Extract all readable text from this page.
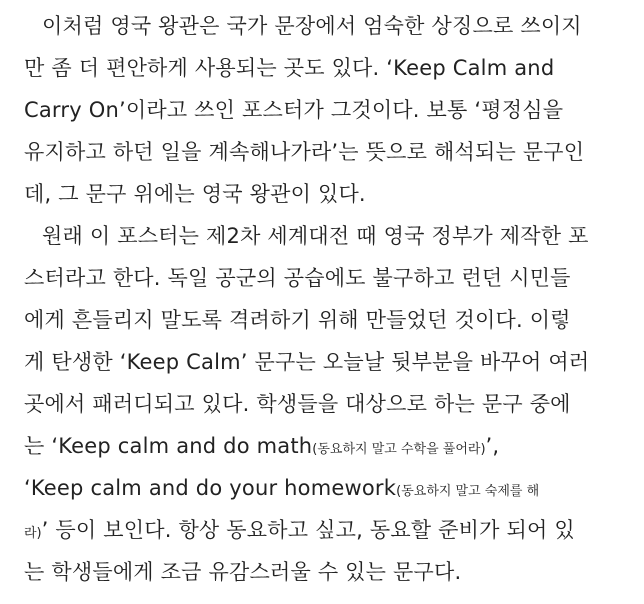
이처럼 영국 왕관은 국가 문장에서 엄숙한 상징으로 쓰이지
만 좀 더 편안하게 사용되는 곳도 있다. ‘Keep Calm and
Carry On’이라고 쓰인 포스터가 그것이다. 보통 ‘평정심을
유지하고 하던 일을 계속해나가라’는 뜻으로 해석되는 문구인
데, 그 문구 위에는 영국 왕관이 있다.
원래 이 포스터는 제2차 세계대전 때 영국 정부가 제작한 포
스터라고 한다. 독일 공군의 공습에도 불구하고 런던 시민들
에게 흔들리지 말도록 격려하기 위해 만들었던 것이다. 이렇
게 탄생한 ‘Keep Calm’ 문구는 오늘날 뒷부분을 바꾸어 여러
곳에서 패러디되고 있다. 학생들을 대상으로 하는 문구 중에
는 ‘Keep calm and do math(동요하지 말고 수학을 풀어라)’,
‘Keep calm and do your homework(동요하지 말고 숙제를 해
라)’ 등이 보인다. 항상 동요하고 싶고, 동요할 준비가 되어 있
는 학생들에게 조금 유감스러울 수 있는 문구다.
